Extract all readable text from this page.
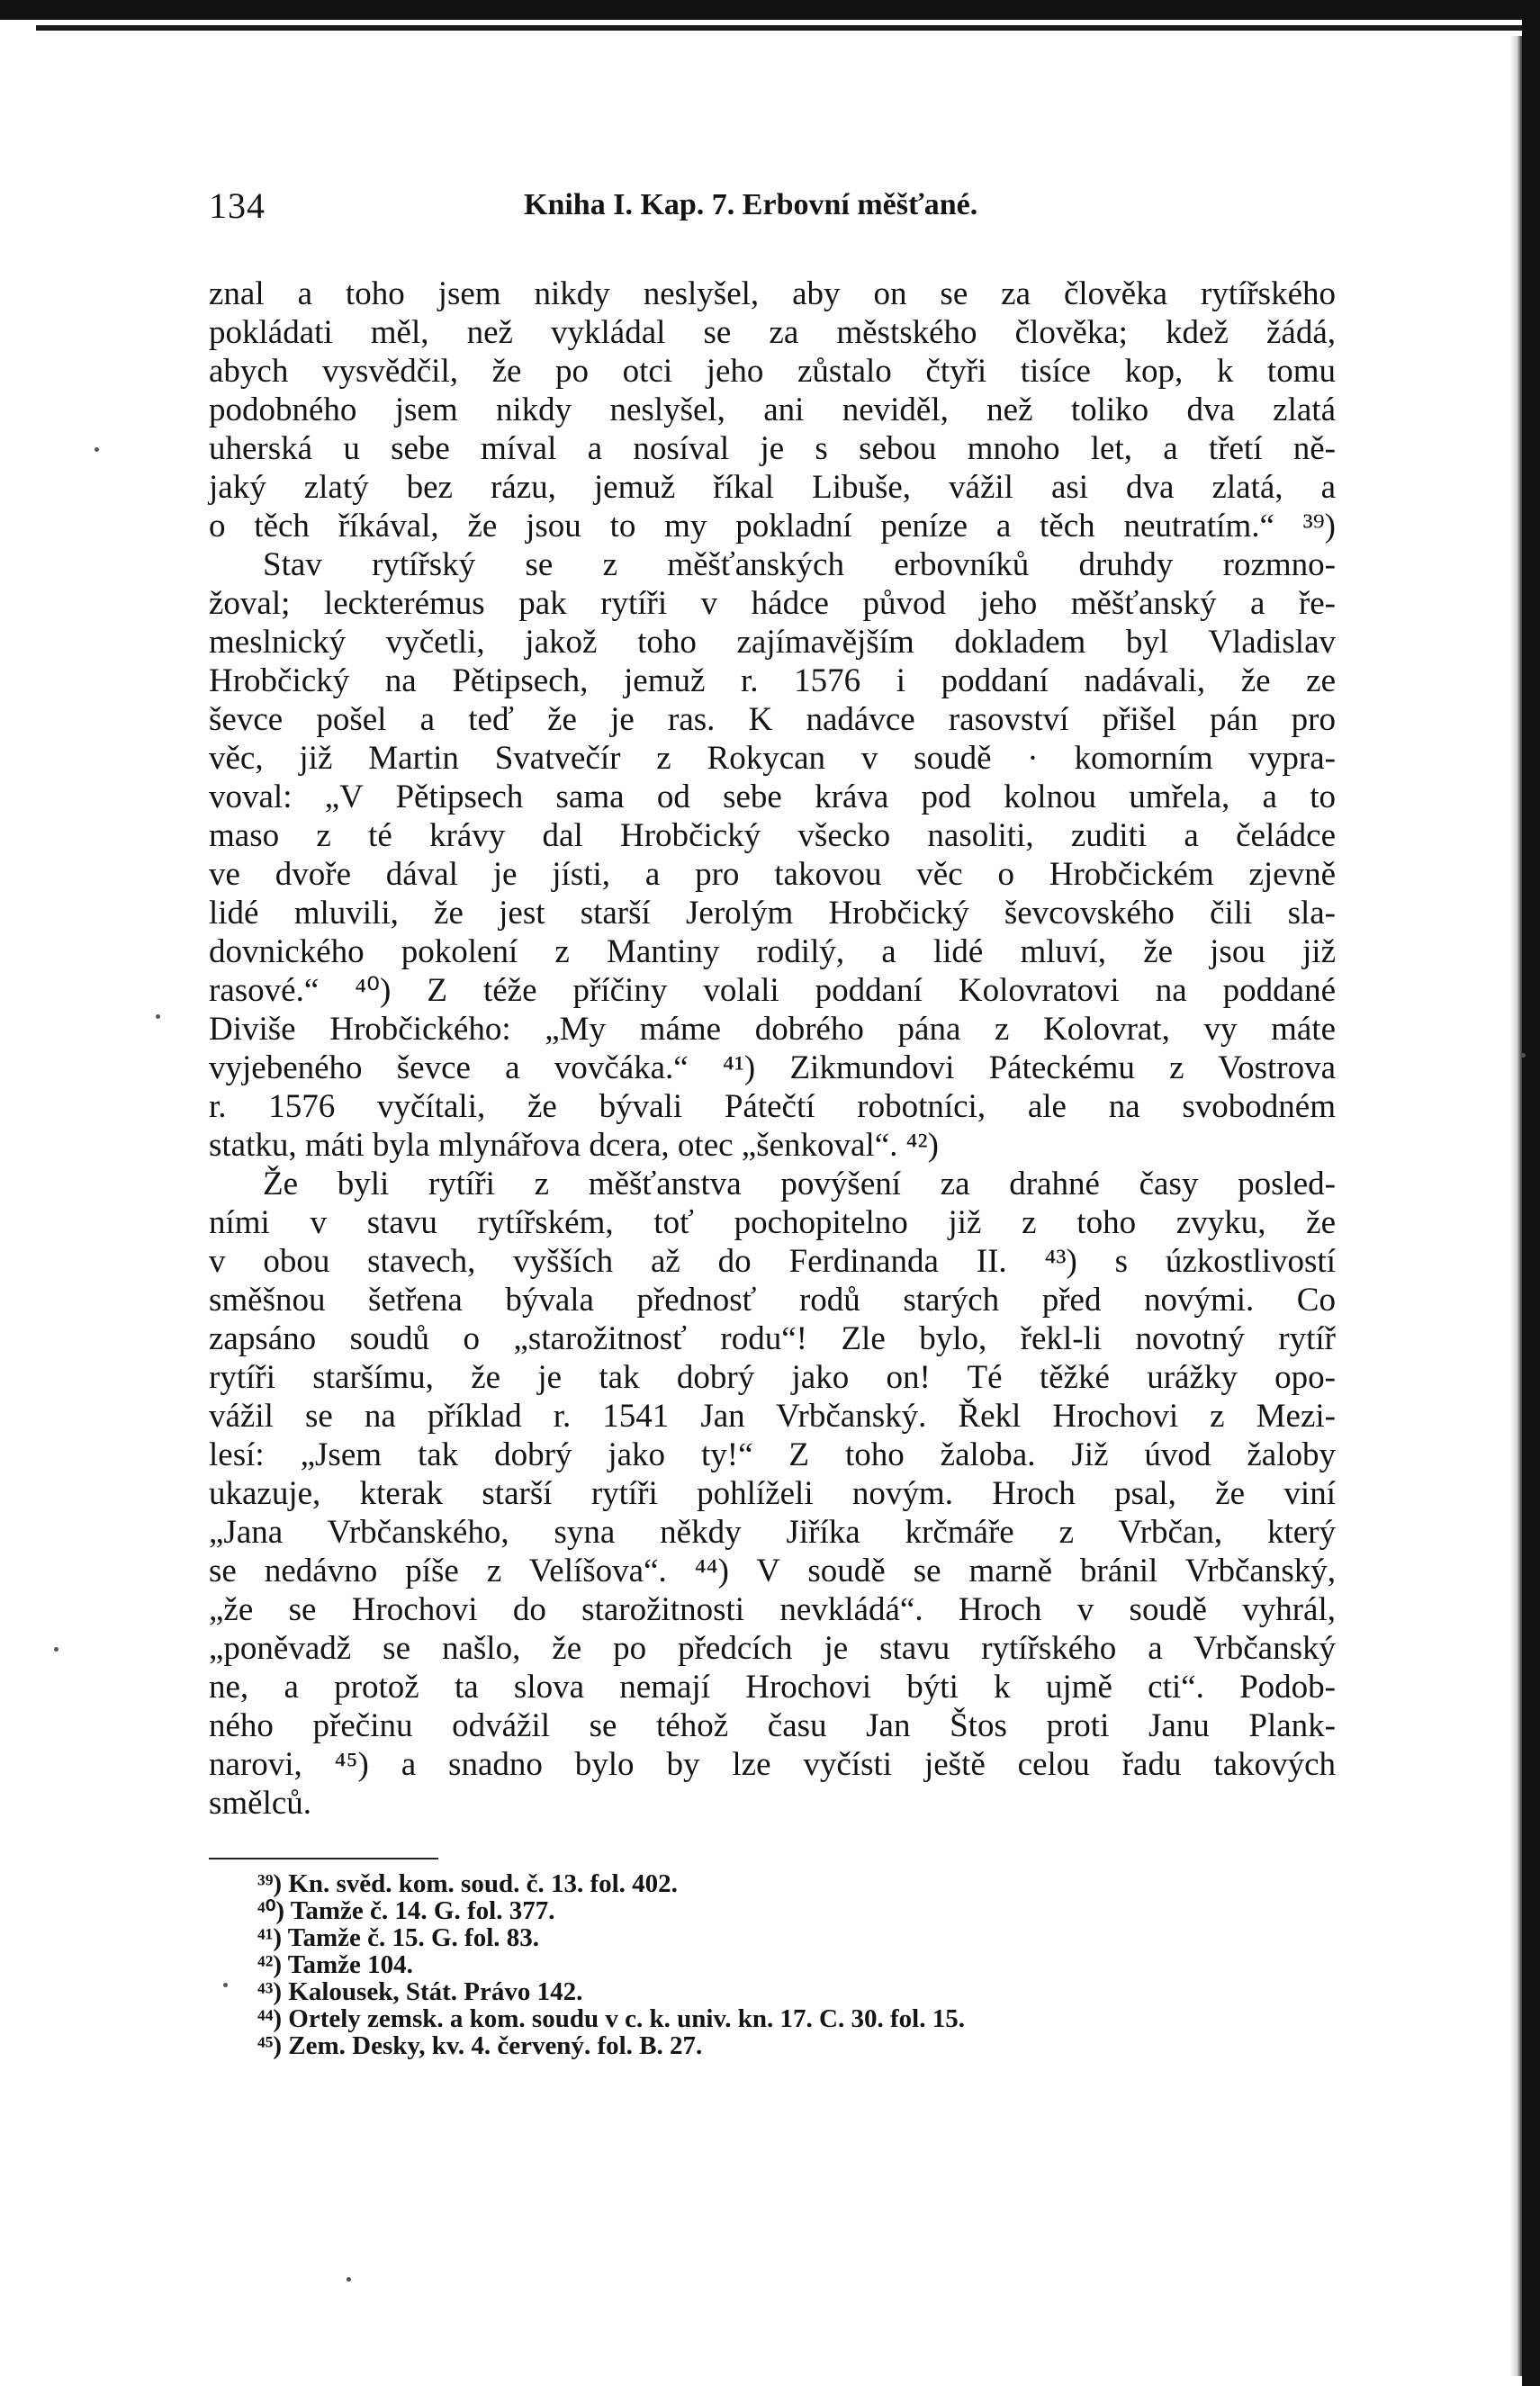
134	Kniha I. Kap. 7. Erbovní měšťané.
znal a toho jsem nikdy neslyšel, aby on se za člověka rytířského
pokládati měl, než vykládal se za městského člověka; kdež žádá,
abych vysvědčil, že po otci jeho zůstalo čtyři tisíce kop, k tomu
podobného jsem nikdy neslyšel, ani neviděl, než toliko dva zlatá
uherská u sebe míval a nosíval je s sebou mnoho let, a třetí ně-
jaký zlatý bez rázu, jemuž říkal Libuše, vážil asi dva zlatá, a
o těch říkával, že jsou to my pokladní peníze a těch neutratím.“ ³⁹)
Stav rytířský se z měšťanských erbovníků druhdy rozmno-
žoval; leckterémus pak rytíři v hádce původ jeho měšťanský a ře-
meslnický vyčetli, jakož toho zajímavějším dokladem byl Vladislav
Hrobčický na Pětipsech, jemuž r. 1576 i poddaní nadávali, že ze
ševce pošel a teď že je ras. K nadávce rasovství přišel pán pro
věc, již Martin Svatvečír z Rokycan v soudě · komorním vypra-
voval: „V Pětipsech sama od sebe kráva pod kolnou umřela, a to
maso z té krávy dal Hrobčický všecko nasoliti, zuditi a čeládce
ve dvoře dával je jísti, a pro takovou věc o Hrobčickém zjevně
lidé mluvili, že jest starší Jerolým Hrobčický ševcovského čili sla-
dovnického pokolení z Mantiny rodilý, a lidé mluví, že jsou již
rasové.“ ⁴⁰) Z téže příčiny volali poddaní Kolovratovi na poddané
Diviše Hrobčického: „My máme dobrého pána z Kolovrat, vy máte
vyjebeného ševce a vovčáka.“ ⁴¹) Zikmundovi Páteckému z Vostrova
r. 1576 vyčítali, že bývali Pátečtí robotníci, ale na svobodném
statku, máti byla mlynářova dcera, otec „šenkoval“. ⁴²)
Že byli rytíři z měšťanstva povýšení za drahné časy posled-
ními v stavu rytířském, toť pochopitelno již z toho zvyku, že
v obou stavech, vyšších až do Ferdinanda II. ⁴³) s úzkostlivostí
směšnou šetřena bývala přednosť rodů starých před novými. Co
zapsáno soudů o „starožitnosť rodu“! Zle bylo, řekl-li novotný rytíř
rytíři staršímu, že je tak dobrý jako on! Té těžké urážky opo-
vážil se na příklad r. 1541 Jan Vrbčanský. Řekl Hrochovi z Mezi-
lesí: „Jsem tak dobrý jako ty!“ Z toho žaloba. Již úvod žaloby
ukazuje, kterak starší rytíři pohlíželi novým. Hroch psal, že viní
„Jana Vrbčanského, syna někdy Jiříka krčmáře z Vrbčan, který
se nedávno píše z Velíšova“. ⁴⁴) V soudě se marně bránil Vrbčanský,
„že se Hrochovi do starožitnosti nevkládá“. Hroch v soudě vyhrál,
„poněvadž se našlo, že po předcích je stavu rytířského a Vrbčanský
ne, a protož ta slova nemají Hrochovi býti k ujmě cti“. Podob-
ného přečinu odvážil se téhož času Jan Štos proti Janu Plank-
narovi, ⁴⁵) a snadno bylo by lze vyčísti ještě celou řadu takových
smělců.
³⁹) Kn. svěd. kom. soud. č. 13. fol. 402.
⁴⁰) Tamže č. 14. G. fol. 377.
⁴¹) Tamže č. 15. G. fol. 83.
⁴²) Tamže 104.
⁴³) Kalousek, Stát. Právo 142.
⁴⁴) Ortely zemsk. a kom. soudu v c. k. univ. kn. 17. C. 30. fol. 15.
⁴⁵) Zem. Desky, kv. 4. červený. fol. B. 27.
